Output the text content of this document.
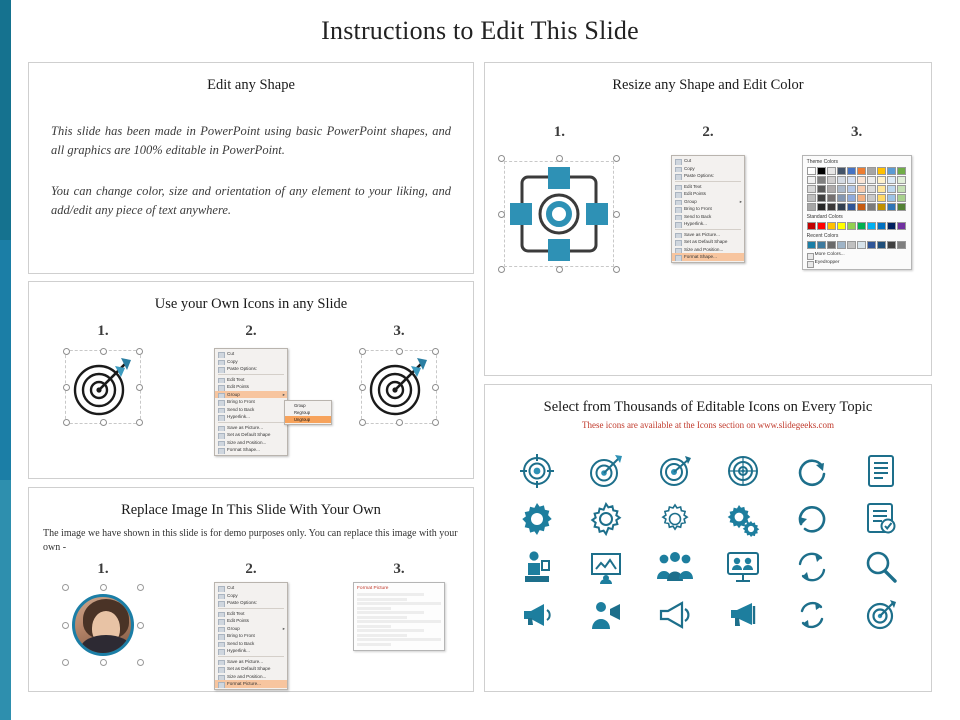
Instructions to Edit This Slide
Edit any Shape
This slide has been made in PowerPoint using basic PowerPoint shapes, and all graphics are 100% editable in PowerPoint.
You can change color, size and orientation of any element to your liking, and add/edit any piece of text anywhere.
Use your Own Icons in any Slide
1.	2.	3.
Cut
Copy
Paste Options:
Edit Text
Edit Points
Group ▸
Bring to Front
Send to Back
Hyperlink...
Save as Picture...
Set as Default Shape
Size and Position...
Format Shape...
Group
Regroup
Ungroup
Replace Image In This Slide With Your Own
The image we have shown in this slide is for demo purposes only. You can replace this image with your own -
1.	2.	3.
Cut
Copy
Paste Options:
Edit Text
Edit Points
Group ▸
Bring to Front
Send to Back
Hyperlink...
Save as Picture...
Set as Default Shape
Size and Position...
Format Picture...
Format Picture
Resize any Shape and Edit Color
1.	2.	3.
Cut
Copy
Paste Options:
Edit Text
Edit Points
Group ▸
Bring to Front
Send to Back
Hyperlink...
Save as Picture...
Set as Default Shape
Size and Position...
Format Shape...
Theme Colors
Standard Colors
Recent Colors
More Colors...
Eyedropper
Select from Thousands of Editable Icons on Every Topic
These icons are available at the Icons section on www.slidegeeks.com
